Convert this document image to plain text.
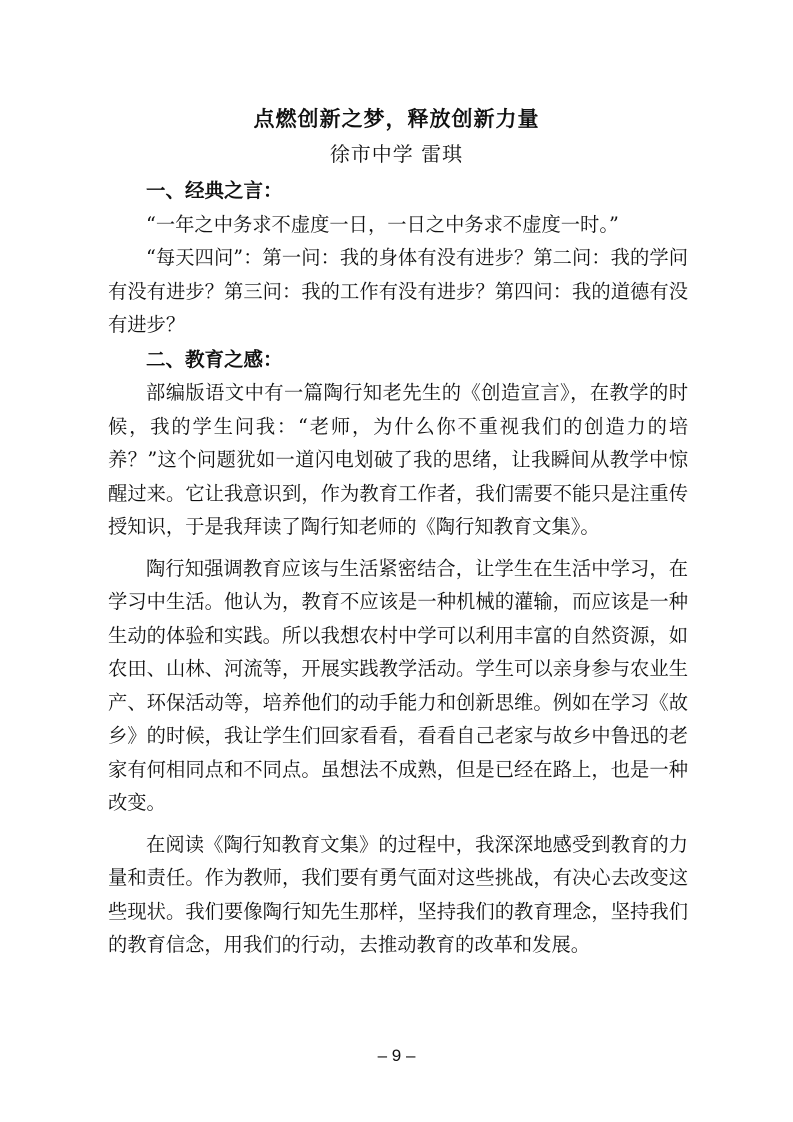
点燃创新之梦，释放创新力量
徐市中学 雷琪

一、经典之言：

“一年之中务求不虚度一日，一日之中务求不虚度一时。”

“每天四问”：第一问：我的身体有没有进步？第二问：我的学问有没有进步？第三问：我的工作有没有进步？第四问：我的道德有没有进步？

二、教育之感：

部编版语文中有一篇陶行知老先生的《创造宣言》，在教学的时候，我的学生问我：“老师，为什么你不重视我们的创造力的培养？”这个问题犹如一道闪电划破了我的思绪，让我瞬间从教学中惊醒过来。它让我意识到，作为教育工作者，我们需要不能只是注重传授知识，于是我拜读了陶行知老师的《陶行知教育文集》。

陶行知强调教育应该与生活紧密结合，让学生在生活中学习，在学习中生活。他认为，教育不应该是一种机械的灌输，而应该是一种生动的体验和实践。所以我想农村中学可以利用丰富的自然资源，如农田、山林、河流等，开展实践教学活动。学生可以亲身参与农业生产、环保活动等，培养他们的动手能力和创新思维。例如在学习《故乡》的时候，我让学生们回家看看，看看自己老家与故乡中鲁迅的老家有何相同点和不同点。虽想法不成熟，但是已经在路上，也是一种改变。

在阅读《陶行知教育文集》的过程中，我深深地感受到教育的力量和责任。作为教师，我们要有勇气面对这些挑战，有决心去改变这些现状。我们要像陶行知先生那样，坚持我们的教育理念，坚持我们的教育信念，用我们的行动，去推动教育的改革和发展。

– 9 –
